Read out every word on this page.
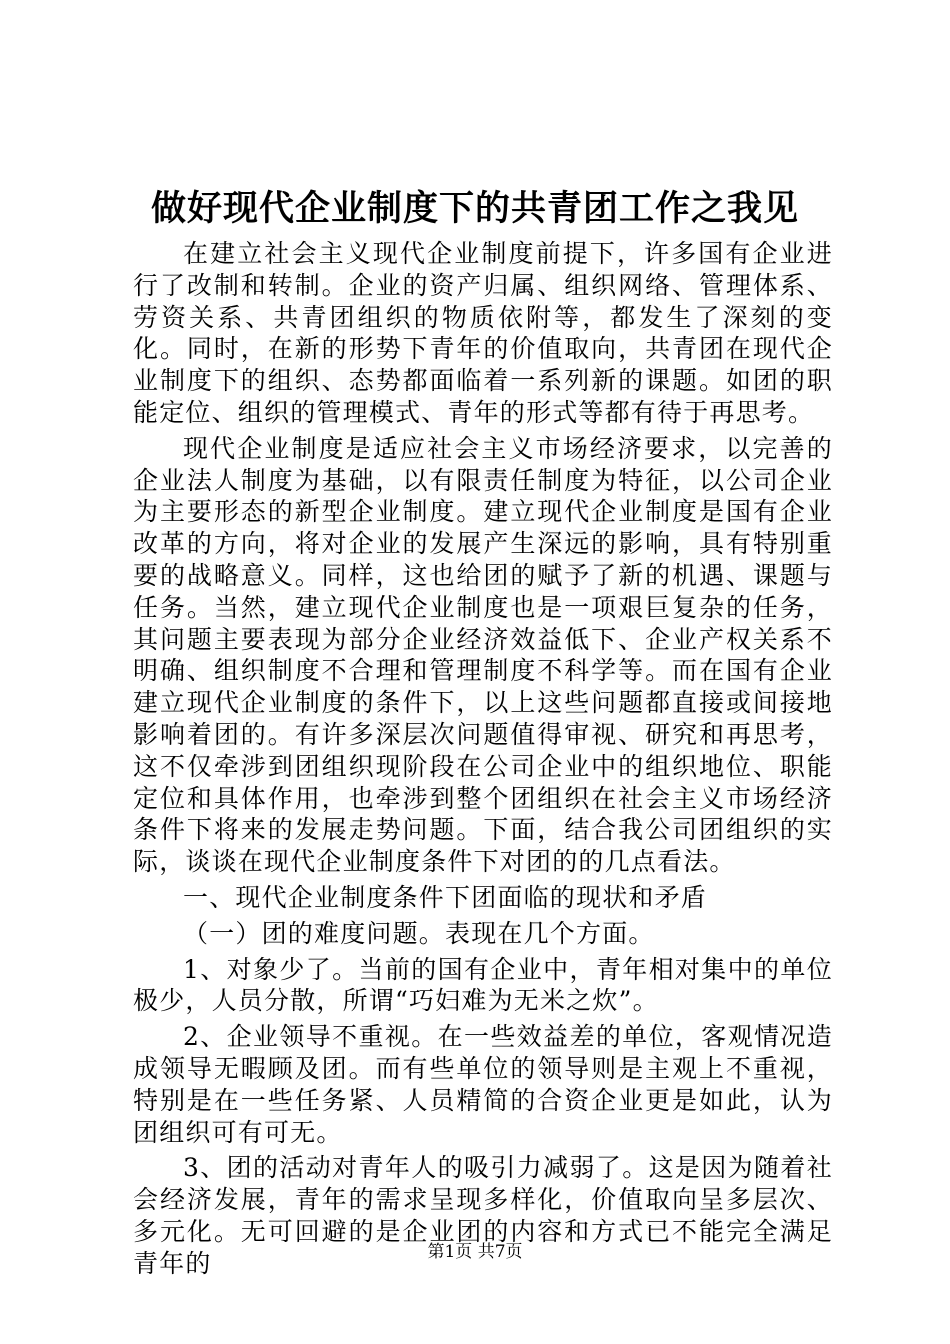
做好现代企业制度下的共青团工作之我见

在建立社会主义现代企业制度前提下，许多国有企业进行了改制和转制。企业的资产归属、组织网络、管理体系、劳资关系、共青团组织的物质依附等，都发生了深刻的变化。同时，在新的形势下青年的价值取向，共青团在现代企业制度下的组织、态势都面临着一系列新的课题。如团的职能定位、组织的管理模式、青年的形式等都有待于再思考。

现代企业制度是适应社会主义市场经济要求，以完善的企业法人制度为基础，以有限责任制度为特征，以公司企业为主要形态的新型企业制度。建立现代企业制度是国有企业改革的方向，将对企业的发展产生深远的影响，具有特别重要的战略意义。同样，这也给团的赋予了新的机遇、课题与任务。当然，建立现代企业制度也是一项艰巨复杂的任务，其问题主要表现为部分企业经济效益低下、企业产权关系不明确、组织制度不合理和管理制度不科学等。而在国有企业建立现代企业制度的条件下，以上这些问题都直接或间接地影响着团的。有许多深层次问题值得审视、研究和再思考，这不仅牵涉到团组织现阶段在公司企业中的组织地位、职能定位和具体作用，也牵涉到整个团组织在社会主义市场经济条件下将来的发展走势问题。下面，结合我公司团组织的实际，谈谈在现代企业制度条件下对团的的几点看法。

一、现代企业制度条件下团面临的现状和矛盾

（一）团的难度问题。表现在几个方面。

1、对象少了。当前的国有企业中，青年相对集中的单位极少，人员分散，所谓“巧妇难为无米之炊”。

2、企业领导不重视。在一些效益差的单位，客观情况造成领导无暇顾及团。而有些单位的领导则是主观上不重视，特别是在一些任务紧、人员精简的合资企业更是如此，认为团组织可有可无。

3、团的活动对青年人的吸引力减弱了。这是因为随着社会经济发展，青年的需求呈现多样化，价值取向呈多层次、多元化。无可回避的是企业团的内容和方式已不能完全满足青年的	第1页 共7页
